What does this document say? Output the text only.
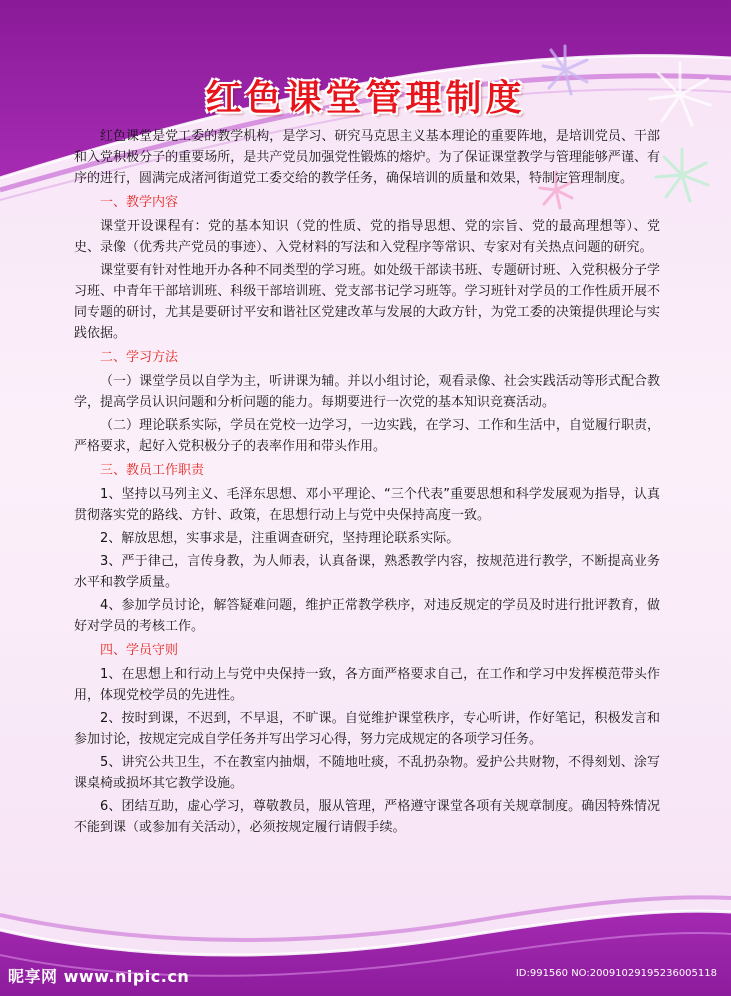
红色课堂管理制度

红色课堂是党工委的教学机构，是学习、研究马克思主义基本理论的重要阵地，是培训党员、干部和入党积极分子的重要场所，是共产党员加强党性锻炼的熔炉。为了保证课堂教学与管理能够严谨、有序的进行，圆满完成渚河街道党工委交给的教学任务，确保培训的质量和效果，特制定管理制度。

一、教学内容

课堂开设课程有：党的基本知识（党的性质、党的指导思想、党的宗旨、党的最高理想等）、党史、录像（优秀共产党员的事迹）、入党材料的写法和入党程序等常识、专家对有关热点问题的研究。

课堂要有针对性地开办各种不同类型的学习班。如处级干部读书班、专题研讨班、入党积极分子学习班、中青年干部培训班、科级干部培训班、党支部书记学习班等。学习班针对学员的工作性质开展不同专题的研讨，尤其是要研讨平安和谐社区党建改革与发展的大政方针，为党工委的决策提供理论与实践依据。

二、学习方法

（一）课堂学员以自学为主，听讲课为辅。并以小组讨论，观看录像、社会实践活动等形式配合教学，提高学员认识问题和分析问题的能力。每期要进行一次党的基本知识竞赛活动。

（二）理论联系实际，学员在党校一边学习，一边实践，在学习、工作和生活中，自觉履行职责，严格要求，起好入党积极分子的表率作用和带头作用。

三、教员工作职责

1、坚持以马列主义、毛泽东思想、邓小平理论、“三个代表”重要思想和科学发展观为指导，认真贯彻落实党的路线、方针、政策，在思想行动上与党中央保持高度一致。

2、解放思想，实事求是，注重调查研究，坚持理论联系实际。

3、严于律己，言传身教，为人师表，认真备课，熟悉教学内容，按规范进行教学，不断提高业务水平和教学质量。

4、参加学员讨论，解答疑难问题，维护正常教学秩序，对违反规定的学员及时进行批评教育，做好对学员的考核工作。

四、学员守则

1、在思想上和行动上与党中央保持一致，各方面严格要求自己，在工作和学习中发挥模范带头作用，体现党校学员的先进性。

2、按时到课，不迟到，不早退，不旷课。自觉维护课堂秩序，专心听讲，作好笔记，积极发言和参加讨论，按规定完成自学任务并写出学习心得，努力完成规定的各项学习任务。

5、讲究公共卫生，不在教室内抽烟，不随地吐痰，不乱扔杂物。爱护公共财物，不得刻划、涂写课桌椅或损坏其它教学设施。

6、团结互助，虚心学习，尊敬教员，服从管理，严格遵守课堂各项有关规章制度。确因特殊情况不能到课（或参加有关活动），必须按规定履行请假手续。

昵享网 www.nipic.cn	ID:991560 NO:20091029195236005118
